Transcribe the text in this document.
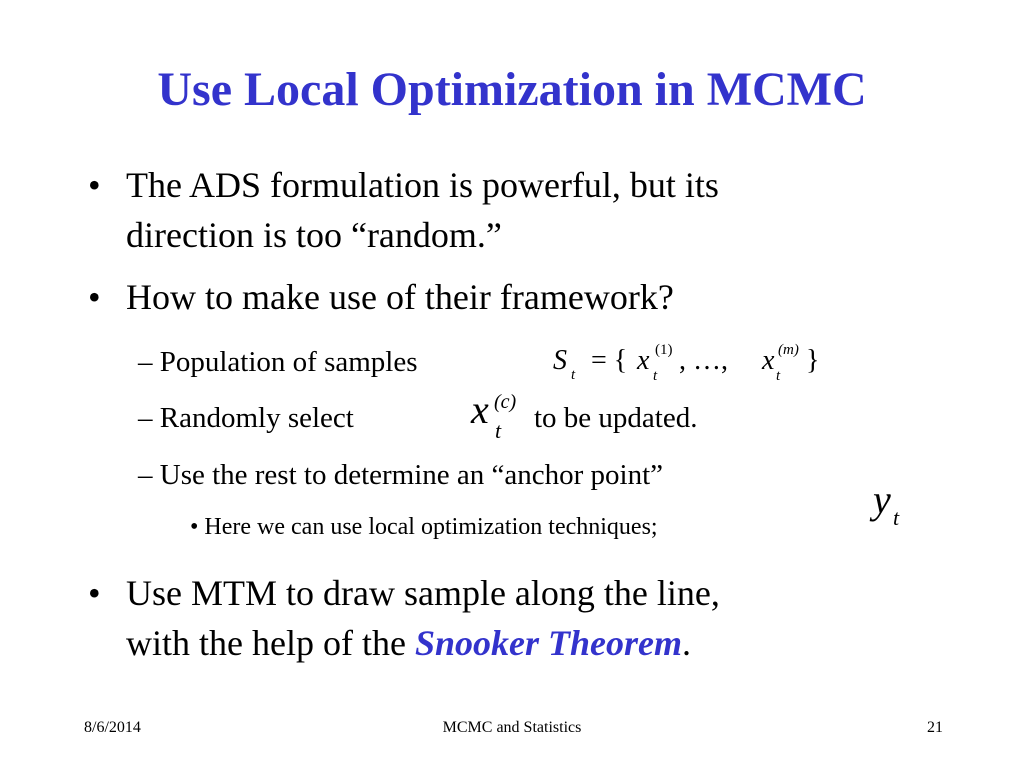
Use Local Optimization in MCMC
• The ADS formulation is powerful, but its
direction is too “random.”
• How to make use of their framework?
– Population of samples	S t = { x (1)
t , …, x (m)
t }
– Randomly select	x (c)
t to be updated.
– Use the rest to determine an “anchor point”
y t
• Here we can use local optimization techniques;
• Use MTM to draw sample along the line,
with the help of the Snooker Theorem.
8/6/2014	MCMC and Statistics	21
